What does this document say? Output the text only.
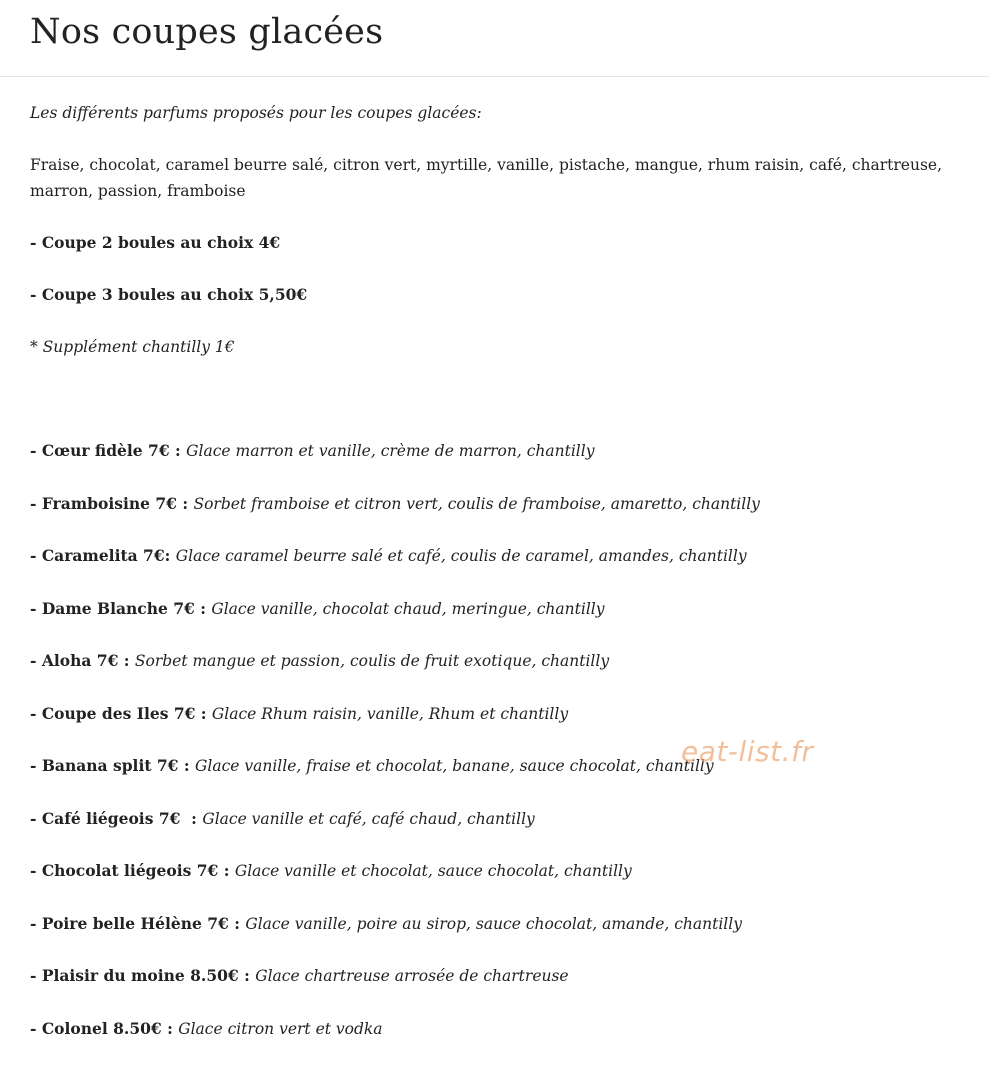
Nos coupes glacées

Les différents parfums proposés pour les coupes glacées:

Fraise, chocolat, caramel beurre salé, citron vert, myrtille, vanille, pistache, mangue, rhum raisin, café, chartreuse, marron, passion, framboise

- Coupe 2 boules au choix 4€

- Coupe 3 boules au choix 5,50€

* Supplément chantilly 1€

- Cœur fidèle 7€ : Glace marron et vanille, crème de marron, chantilly

- Framboisine 7€ : Sorbet framboise et citron vert, coulis de framboise, amaretto, chantilly

- Caramelita 7€: Glace caramel beurre salé et café, coulis de caramel, amandes, chantilly

- Dame Blanche 7€ : Glace vanille, chocolat chaud, meringue, chantilly

- Aloha 7€ : Sorbet mangue et passion, coulis de fruit exotique, chantilly

- Coupe des Iles 7€ : Glace Rhum raisin, vanille, Rhum et chantilly

- Banana split 7€ : Glace vanille, fraise et chocolat, banane, sauce chocolat, chantilly

- Café liégeois 7€  : Glace vanille et café, café chaud, chantilly

- Chocolat liégeois 7€ : Glace vanille et chocolat, sauce chocolat, chantilly

- Poire belle Hélène 7€ : Glace vanille, poire au sirop, sauce chocolat, amande, chantilly

- Plaisir du moine 8.50€ : Glace chartreuse arrosée de chartreuse

- Colonel 8.50€ : Glace citron vert et vodka

eat-list.fr
